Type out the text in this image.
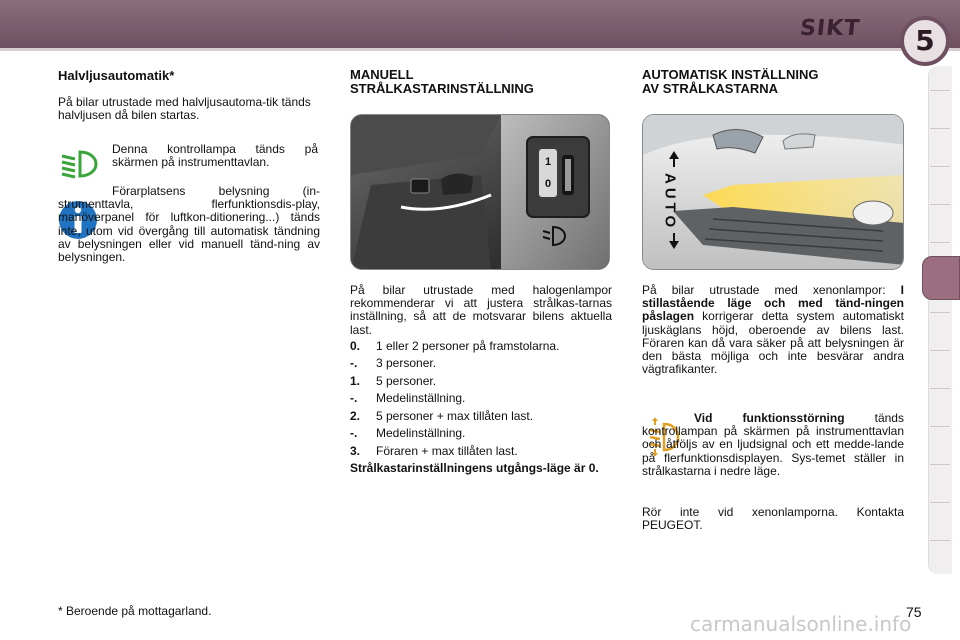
SIKT	5
Halvljusautomatik*
På bilar utrustade med halvljusautoma-tik tänds halvljusen då bilen startas.
Denna kontrollampa tänds på skärmen på instrumenttavlan.
Förarplatsens belysning (in-strumenttavla, flerfunktionsdis-play, manöverpanel för luftkon-ditionering...) tänds inte, utom vid övergång till automatisk tändning av belysningen eller vid manuell tänd-ning av belysningen.
MANUELL
STRÅLKASTARINSTÄLLNING
1
0
På bilar utrustade med halogenlampor rekommenderar vi att justera strålkas-tarnas inställning, så att de motsvarar bilens aktuella last.
0. 1 eller 2 personer på framstolarna.
-. 3 personer.
1. 5 personer.
-. Medelinställning.
2. 5 personer + max tillåten last.
-. Medelinställning.
3. Föraren + max tillåten last.
Strålkastarinställningens utgångs-läge är 0.
AUTOMATISK INSTÄLLNING
AV STRÅLKASTARNA
AUTO
På bilar utrustade med xenonlampor: I stillastående läge och med tänd-ningen påslagen korrigerar detta system automatiskt ljuskäglans höjd, oberoende av bilens last. Föraren kan då vara säker på att belysningen är den bästa möjliga och inte besvärar andra vägtrafikanter.
Vid funktionsstörning	tänds kontrollampan på skärmen på instrumenttavlan och åtföljs av en ljudsignal och ett medde-lande på flerfunktionsdisplayen. Sys-temet ställer in strålkastarna i nedre läge.
Rör inte vid xenonlamporna. Kontakta PEUGEOT.
* Beroende på mottagarland.	75
carmanualsonline.info
